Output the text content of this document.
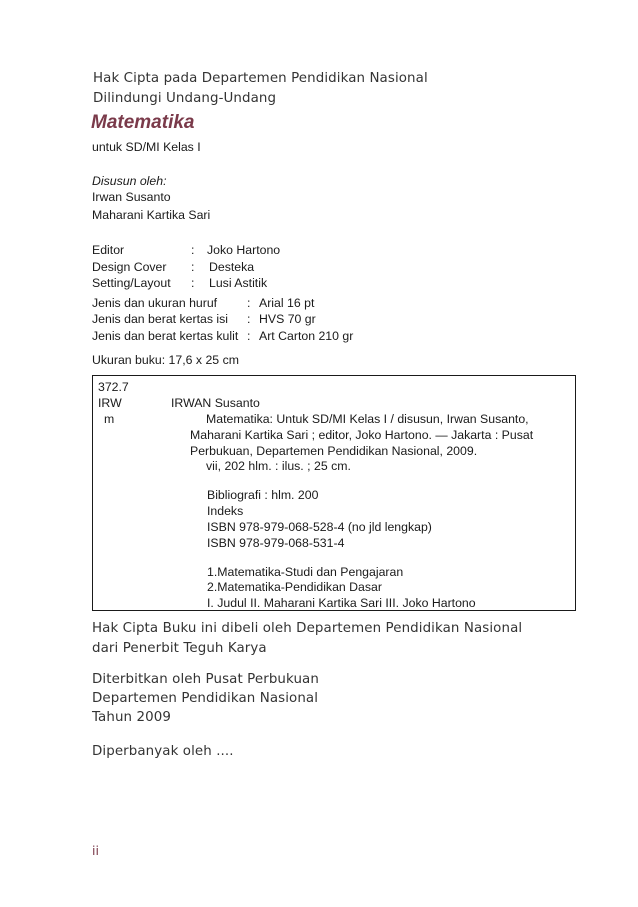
Hak Cipta pada Departemen Pendidikan Nasional
Dilindungi Undang-Undang
Matematika
untuk SD/MI Kelas I
Disusun oleh:
Irwan Susanto
Maharani Kartika Sari
Editor	: Joko Hartono
Design Cover : Desteka
Setting/Layout : Lusi Astitik
Jenis dan ukuran huruf : Arial 16 pt
Jenis dan berat kertas isi : HVS 70 gr
Jenis dan berat kertas kulit : Art Carton 210 gr
Ukuran buku: 17,6 x 25 cm
372.7
IRW	IRWAN Susanto
m	Matematika: Untuk SD/MI Kelas I / disusun, Irwan Susanto,
Maharani Kartika Sari ; editor, Joko Hartono. — Jakarta : Pusat
Perbukuan, Departemen Pendidikan Nasional, 2009.
vii, 202 hlm. : ilus. ; 25 cm.
Bibliografi : hlm. 200
Indeks
ISBN 978-979-068-528-4 (no jld lengkap)
ISBN 978-979-068-531-4
1.Matematika-Studi dan Pengajaran
2.Matematika-Pendidikan Dasar
I. Judul II. Maharani Kartika Sari III. Joko Hartono
Hak Cipta Buku ini dibeli oleh Departemen Pendidikan Nasional
dari Penerbit Teguh Karya
Diterbitkan oleh Pusat Perbukuan
Departemen Pendidikan Nasional
Tahun 2009
Diperbanyak oleh ....
ii
